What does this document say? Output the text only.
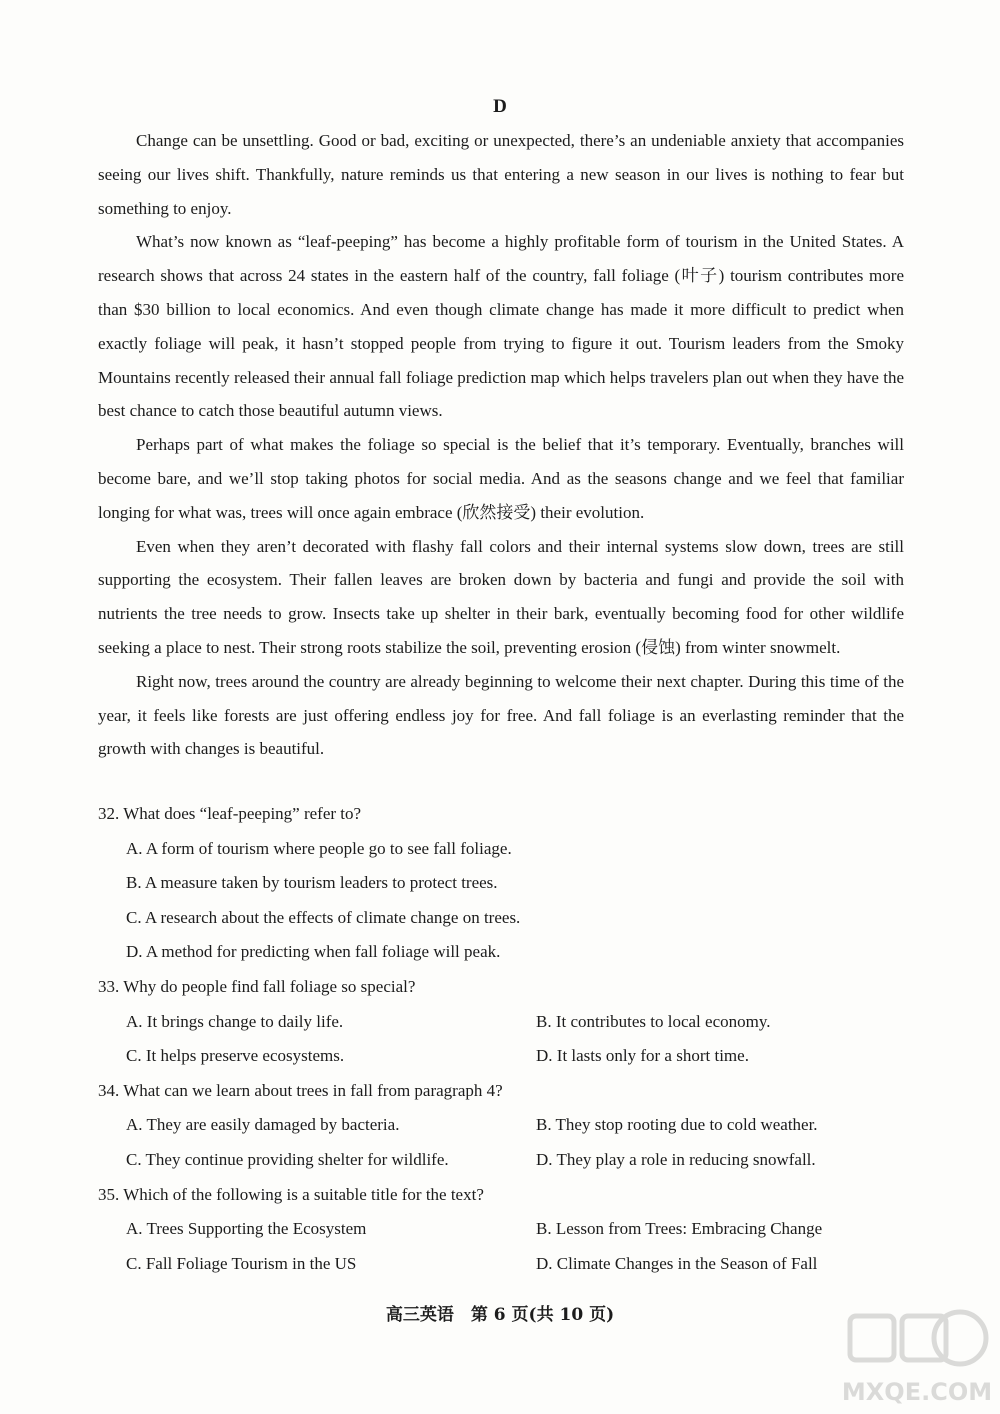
D

Change can be unsettling. Good or bad, exciting or unexpected, there’s an undeniable anxiety that accompanies seeing our lives shift. Thankfully, nature reminds us that entering a new season in our lives is nothing to fear but something to enjoy.

What’s now known as “leaf-peeping” has become a highly profitable form of tourism in the United States. A research shows that across 24 states in the eastern half of the country, fall foliage (叶子) tourism contributes more than $30 billion to local economics. And even though climate change has made it more difficult to predict when exactly foliage will peak, it hasn’t stopped people from trying to figure it out. Tourism leaders from the Smoky Mountains recently released their annual fall foliage prediction map which helps travelers plan out when they have the best chance to catch those beautiful autumn views.

Perhaps part of what makes the foliage so special is the belief that it’s temporary. Eventually, branches will become bare, and we’ll stop taking photos for social media. And as the seasons change and we feel that familiar longing for what was, trees will once again embrace (欣然接受) their evolution.

Even when they aren’t decorated with flashy fall colors and their internal systems slow down, trees are still supporting the ecosystem. Their fallen leaves are broken down by bacteria and fungi and provide the soil with nutrients the tree needs to grow. Insects take up shelter in their bark, eventually becoming food for other wildlife seeking a place to nest. Their strong roots stabilize the soil, preventing erosion (侵蚀) from winter snowmelt.

Right now, trees around the country are already beginning to welcome their next chapter. During this time of the year, it feels like forests are just offering endless joy for free. And fall foliage is an everlasting reminder that the growth with changes is beautiful.

32. What does “leaf-peeping” refer to?
A. A form of tourism where people go to see fall foliage.
B. A measure taken by tourism leaders to protect trees.
C. A research about the effects of climate change on trees.
D. A method for predicting when fall foliage will peak.
33. Why do people find fall foliage so special?
A. It brings change to daily life.	B. It contributes to local economy.
C. It helps preserve ecosystems.	D. It lasts only for a short time.
34. What can we learn about trees in fall from paragraph 4?
A. They are easily damaged by bacteria.	B. They stop rooting due to cold weather.
C. They continue providing shelter for wildlife.	D. They play a role in reducing snowfall.
35. Which of the following is a suitable title for the text?
A. Trees Supporting the Ecosystem	B. Lesson from Trees: Embracing Change
C. Fall Foliage Tourism in the US	D. Climate Changes in the Season of Fall
高三英语　第 6 页(共 10 页)
MXQE.COM
